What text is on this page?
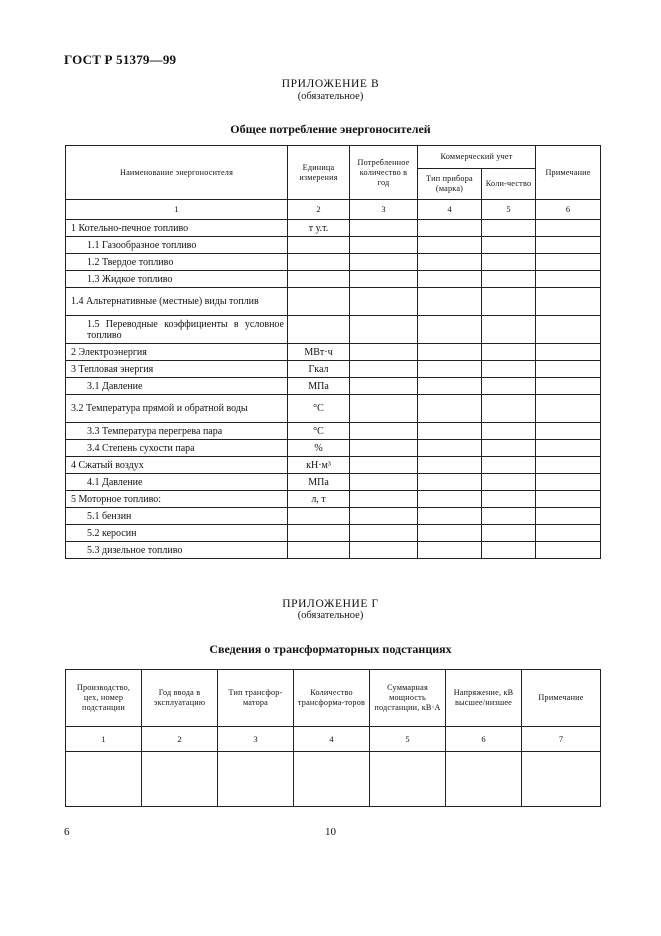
ГОСТ Р 51379—99
ПРИЛОЖЕНИЕ В
(обязательное)
Общее потребление энергоносителей
Наименование энергоносителя	Единица измерения	Потребленное количество в год	Коммерческий учет		Примечание
			Тип прибора (марка)	Коли-чество	
1	2	3	4	5	6
1 Котельно-печное топливо	т у.т.				
1.1 Газообразное топливо					
1.2 Твердое топливо					
1.3 Жидкое топливо					
1.4 Альтернативные (местные) виды топлив					
1.5 Переводные коэффициенты в условное топливо					
2 Электроэнергия	МВт·ч				
3 Тепловая энергия	Гкал				
3.1 Давление	МПа				
3.2 Температура прямой и обратной воды	°С				
3.3 Температура перегрева пара	°С				
3.4 Степень сухости пара	%				
4 Сжатый воздух	кН·м³				
4.1 Давление	МПа				
5 Моторное топливо:	л, т				
5.1 бензин					
5.2 керосин					
5.3 дизельное топливо					
ПРИЛОЖЕНИЕ Г
(обязательное)
Сведения о трансформаторных подстанциях
Производство, цех, номер подстанции	Год ввода в эксплуатацию	Тип трансфор-матора	Количество трансформа-торов	Суммарная мощность подстанции, кВ·А	Напряжение, кВ высшее/низшее	Примечание
1	2	3	4	5	6	7

6	10
